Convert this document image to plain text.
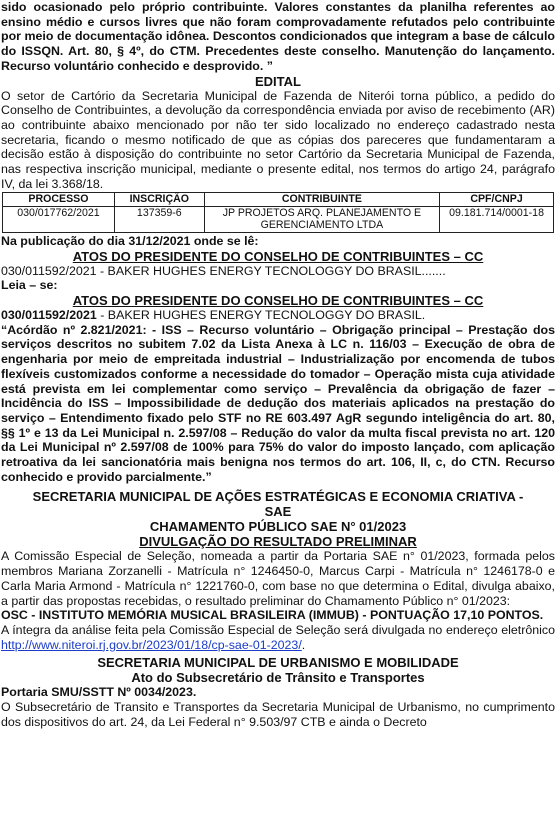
sido ocasionado pelo próprio contribuinte. Valores constantes da planilha referentes ao ensino médio e cursos livres que não foram comprovadamente refutados pelo contribuinte por meio de documentação idônea. Descontos condicionados que integram a base de cálculo do ISSQN. Art. 80, § 4º, do CTM. Precedentes deste conselho. Manutenção do lançamento. Recurso voluntário conhecido e desprovido. ”

EDITAL

O setor de Cartório da Secretaria Municipal de Fazenda de Niterói torna público, a pedido do Conselho de Contribuintes, a devolução da correspondência enviada por aviso de recebimento (AR) ao contribuinte abaixo mencionado por não ter sido localizado no endereço cadastrado nesta secretaria, ficando o mesmo notificado de que as cópias dos pareceres que fundamentaram a decisão estão à disposição do contribuinte no setor Cartório da Secretaria Municipal de Fazenda, nas respectiva inscrição municipal, mediante o presente edital, nos termos do artigo 24, parágrafo IV, da lei 3.368/18.

PROCESSO	INSCRIÇÃO	CONTRIBUINTE	CPF/CNPJ
030/017762/2021	137359-6	JP PROJETOS ARQ. PLANEJAMENTO E GERENCIAMENTO LTDA	09.181.714/0001-18

Na publicação do dia 31/12/2021 onde se lê:

ATOS DO PRESIDENTE DO CONSELHO DE CONTRIBUINTES – CC

030/011592/2021 - BAKER HUGHES ENERGY TECNOLOGGY DO BRASIL.......

Leia – se:

ATOS DO PRESIDENTE DO CONSELHO DE CONTRIBUINTES – CC

030/011592/2021 - BAKER HUGHES ENERGY TECNOLOGGY DO BRASIL.

“Acórdão nº 2.821/2021: - ISS – Recurso voluntário – Obrigação principal – Prestação dos serviços descritos no subitem 7.02 da Lista Anexa à LC n. 116/03 – Execução de obra de engenharia por meio de empreitada industrial – Industrialização por encomenda de tubos flexíveis customizados conforme a necessidade do tomador – Operação mista cuja atividade está prevista em lei complementar como serviço – Prevalência da obrigação de fazer – Incidência do ISS – Impossibilidade de dedução dos materiais aplicados na prestação do serviço – Entendimento fixado pelo STF no RE 603.497 AgR segundo inteligência do art. 80, §§ 1º e 13 da Lei Municipal n. 2.597/08 – Redução do valor da multa fiscal prevista no art. 120 da Lei Municipal nº 2.597/08 de 100% para 75% do valor do imposto lançado, com aplicação retroativa da lei sancionatória mais benigna nos termos do art. 106, II, c, do CTN. Recurso conhecido e provido parcialmente.”

SECRETARIA MUNICIPAL DE AÇÕES ESTRATÉGICAS E ECONOMIA CRIATIVA -

SAE

CHAMAMENTO PÚBLICO SAE N° 01/2023

DIVULGAÇÃO DO RESULTADO PRELIMINAR

A Comissão Especial de Seleção, nomeada a partir da Portaria SAE n° 01/2023, formada pelos membros Mariana Zorzanelli - Matrícula n° 1246450-0, Marcus Carpi - Matrícula n° 1246178-0 e Carla Maria Armond - Matrícula n° 1221760-0, com base no que determina o Edital, divulga abaixo, a partir das propostas recebidas, o resultado preliminar do Chamamento Público n° 01/2023:

OSC - INSTITUTO MEMÓRIA MUSICAL BRASILEIRA (IMMUB) - PONTUAÇÃO 17,10 PONTOS.

A íntegra da análise feita pela Comissão Especial de Seleção será divulgada no endereço eletrônico http://www.niteroi.rj.gov.br/2023/01/18/cp-sae-01-2023/.

SECRETARIA MUNICIPAL DE URBANISMO E MOBILIDADE

Ato do Subsecretário de Trânsito e Transportes

Portaria SMU/SSTT Nº 0034/2023.

O Subsecretário de Transito e Transportes da Secretaria Municipal de Urbanismo, no cumprimento dos dispositivos do art. 24, da Lei Federal n° 9.503/97 CTB e ainda o Decreto
